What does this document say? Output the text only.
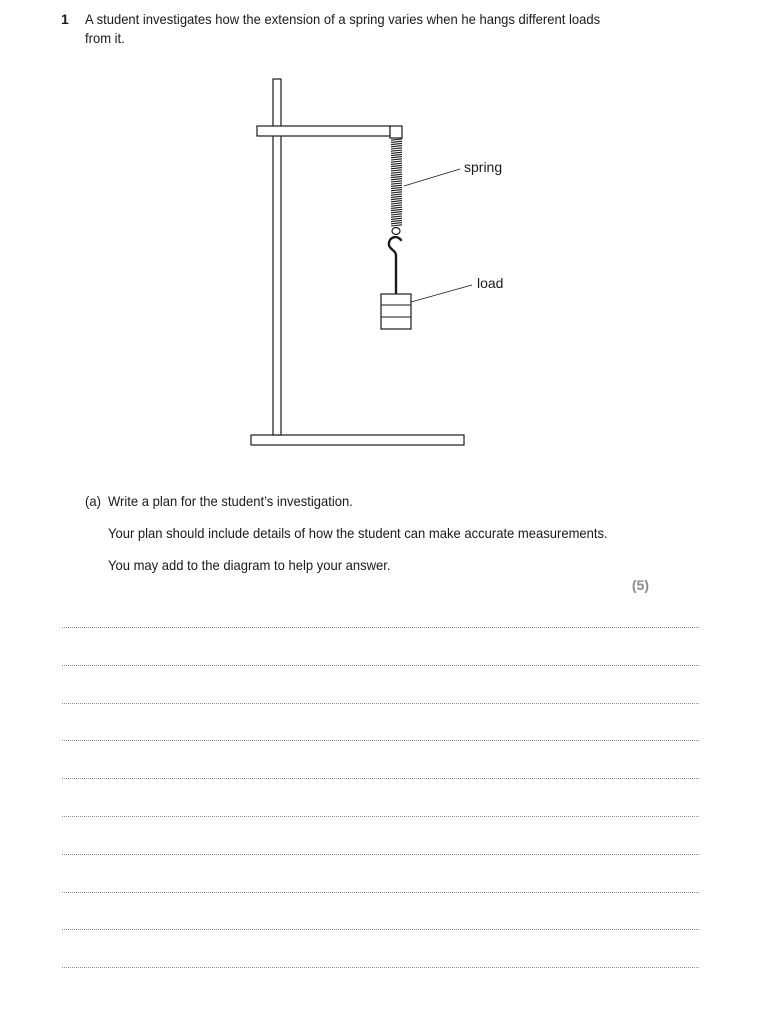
1 A student investigates how the extension of a spring varies when he hangs different loads from it.
spring
load
(a) Write a plan for the student’s investigation.
Your plan should include details of how the student can make accurate measurements.
You may add to the diagram to help your answer.
(5)
